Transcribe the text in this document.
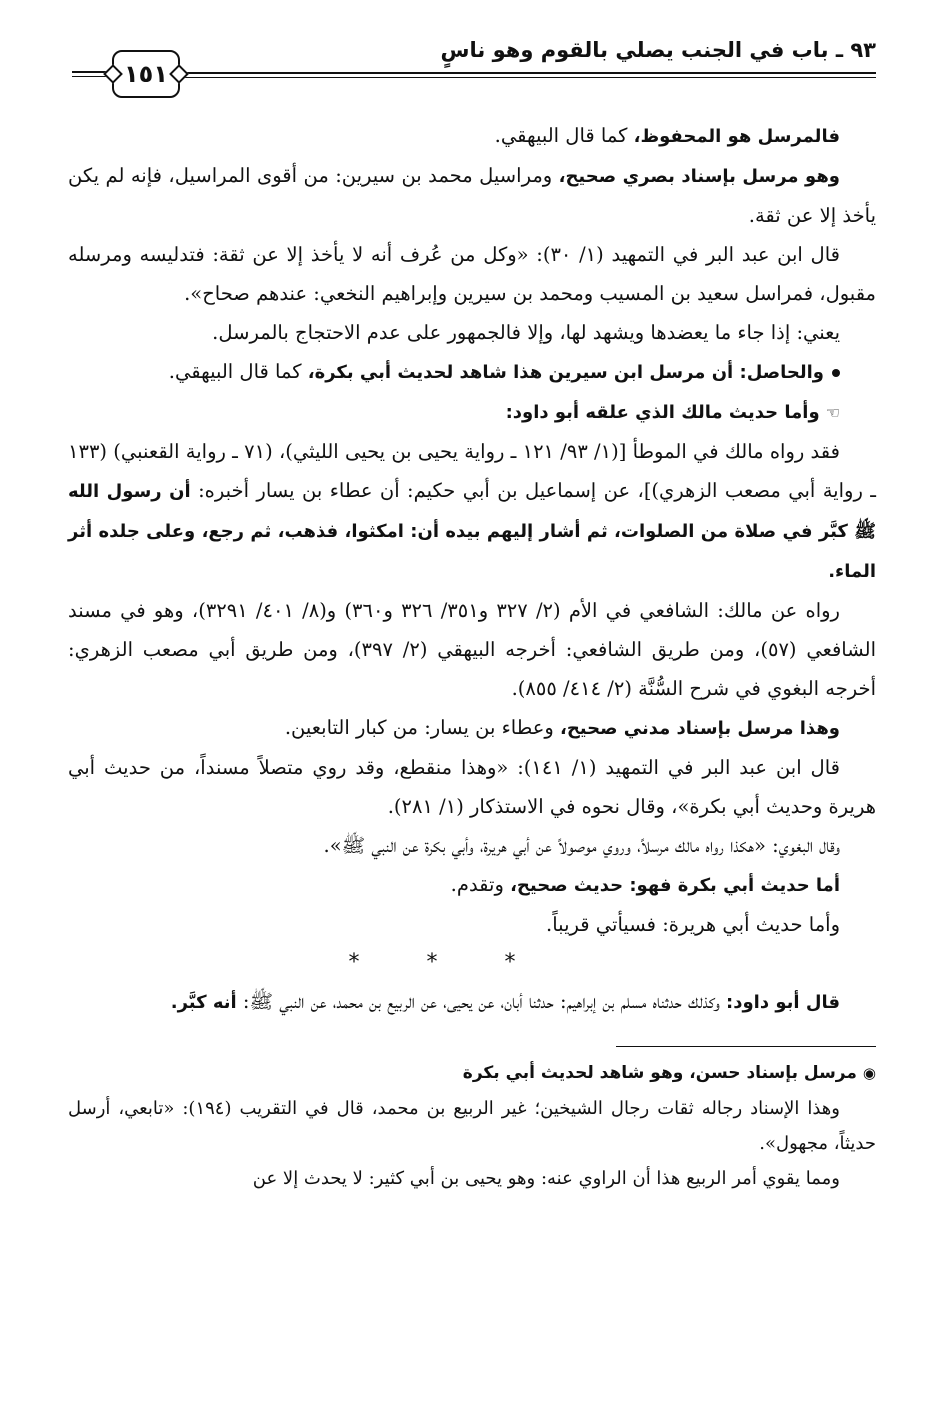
٩٣ ـ باب في الجنب يصلي بالقوم وهو ناسٍ
١٥١

فالمرسل هو المحفوظ، كما قال البيهقي.

وهو مرسل بإسناد بصري صحيح، ومراسيل محمد بن سيرين: من أقوى المراسيل، فإنه لم يكن يأخذ إلا عن ثقة.

قال ابن عبد البر في التمهيد (١/ ٣٠): «وكل من عُرف أنه لا يأخذ إلا عن ثقة: فتدليسه ومرسله مقبول، فمراسل سعيد بن المسيب ومحمد بن سيرين وإبراهيم النخعي: عندهم صحاح».

يعني: إذا جاء ما يعضدها ويشهد لها، وإلا فالجمهور على عدم الاحتجاج بالمرسل.

والحاصل: أن مرسل ابن سيرين هذا شاهد لحديث أبي بكرة، كما قال البيهقي.

☜وأما حديث مالك الذي علقه أبو داود:

فقد رواه مالك في الموطأ [(١/ ٩٣/ ١٢١ ـ رواية يحيى بن يحيى الليثي)، (٧١ ـ رواية القعنبي) (١٣٣ ـ رواية أبي مصعب الزهري)]، عن إسماعيل بن أبي حكيم: أن عطاء بن يسار أخبره: أن رسول الله ﷺ كبَّر في صلاة من الصلوات، ثم أشار إليهم بيده أن: امكثوا، فذهب، ثم رجع، وعلى جلده أثر الماء.

رواه عن مالك: الشافعي في الأم (٢/ ٣٢٧ و٣٥١/ ٣٢٦ و٣٦٠) و(٨/ ٤٠١/ ٣٢٩١)، وهو في مسند الشافعي (٥٧)، ومن طريق الشافعي: أخرجه البيهقي (٢/ ٣٩٧)، ومن طريق أبي مصعب الزهري: أخرجه البغوي في شرح السُّنَّة (٢/ ٤١٤/ ٨٥٥).

وهذا مرسل بإسناد مدني صحيح، وعطاء بن يسار: من كبار التابعين.

قال ابن عبد البر في التمهيد (١/ ١٤١): «وهذا منقطع، وقد روي متصلاً مسنداً، من حديث أبي هريرة وحديث أبي بكرة»، وقال نحوه في الاستذكار (١/ ٢٨١).

وقال البغوي: «هكذا رواه مالك مرسلاً، وروي موصولاً عن أبي هريرة، وأبي بكرة عن النبي ﷺ».

أما حديث أبي بكرة فهو: حديث صحيح، وتقدم.

وأما حديث أبي هريرة: فسيأتي قريباً.

* * *

قال أبو داود: وكذلك حدثناه مسلم بن إبراهيم: حدثنا أبان، عن يحيى، عن الربيع بن محمد، عن النبي ﷺ: أنه كبَّر.

◉مرسل بإسناد حسن، وهو شاهد لحديث أبي بكرة

وهذا الإسناد رجاله ثقات رجال الشيخين؛ غير الربيع بن محمد، قال في التقريب (١٩٤): «تابعي، أرسل حديثاً، مجهول».

ومما يقوي أمر الربيع هذا أن الراوي عنه: وهو يحيى بن أبي كثير: لا يحدث إلا عن
